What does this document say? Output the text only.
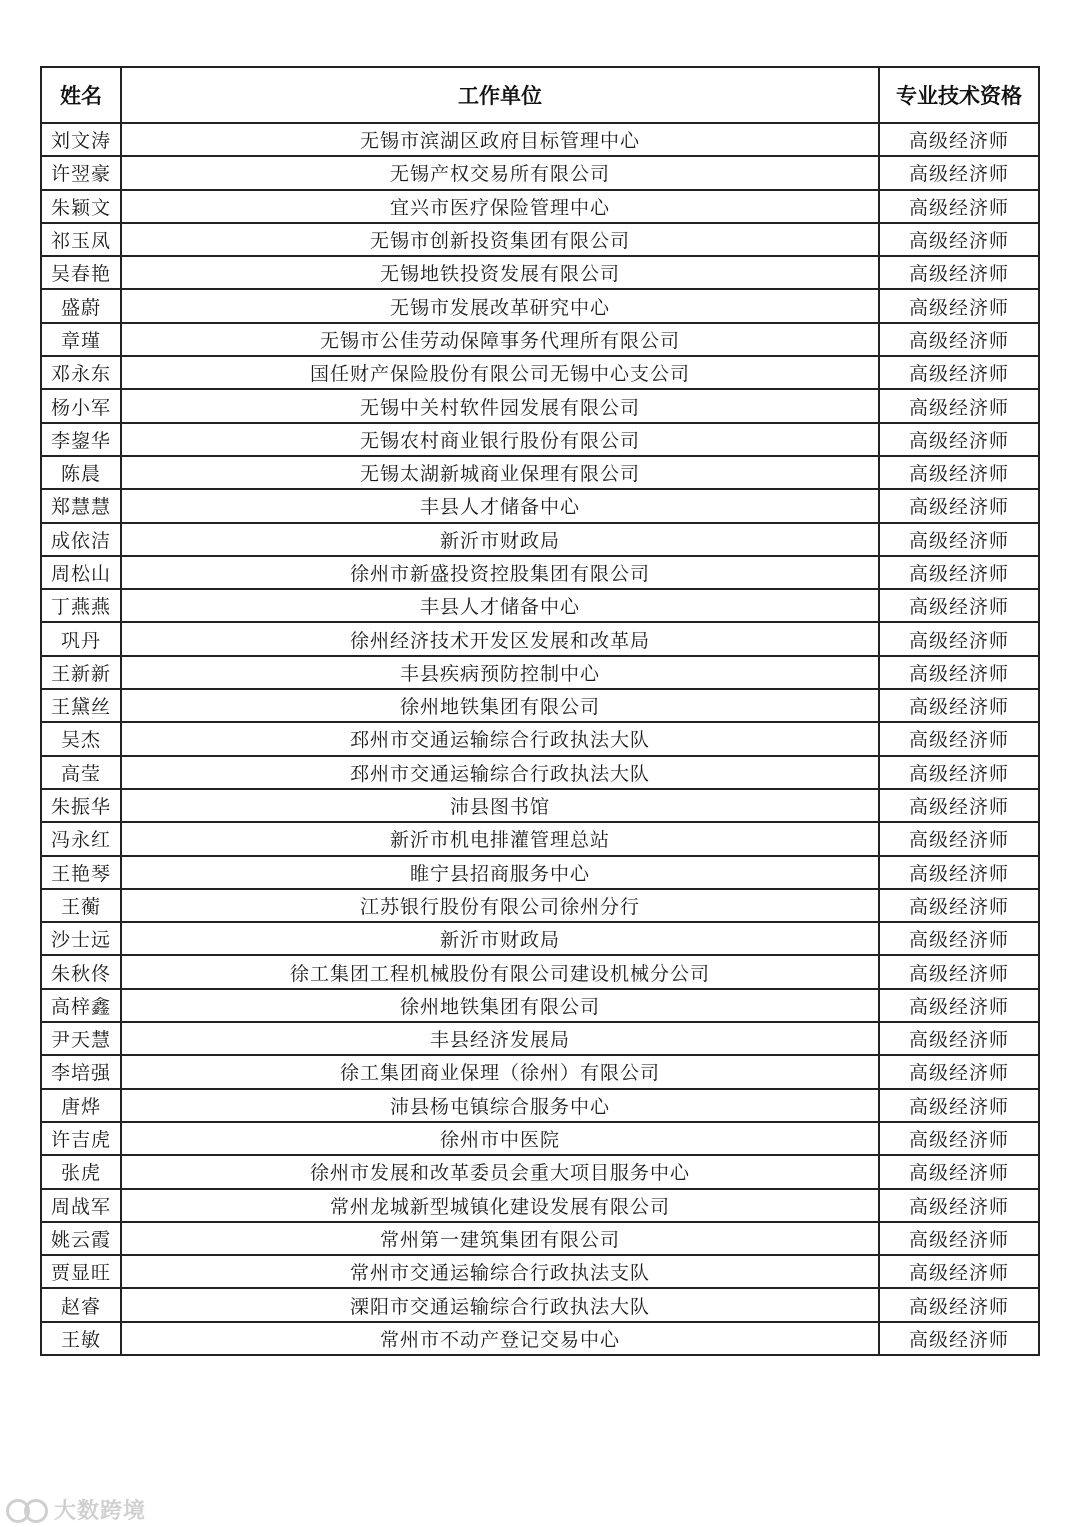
姓名	工作单位	专业技术资格
刘文涛	无锡市滨湖区政府目标管理中心	高级经济师
许翌豪	无锡产权交易所有限公司	高级经济师
朱颖文	宜兴市医疗保险管理中心	高级经济师
祁玉凤	无锡市创新投资集团有限公司	高级经济师
吴春艳	无锡地铁投资发展有限公司	高级经济师
盛蔚	无锡市发展改革研究中心	高级经济师
章瑾	无锡市公佳劳动保障事务代理所有限公司	高级经济师
邓永东	国任财产保险股份有限公司无锡中心支公司	高级经济师
杨小军	无锡中关村软件园发展有限公司	高级经济师
李鋆华	无锡农村商业银行股份有限公司	高级经济师
陈晨	无锡太湖新城商业保理有限公司	高级经济师
郑慧慧	丰县人才储备中心	高级经济师
成依洁	新沂市财政局	高级经济师
周松山	徐州市新盛投资控股集团有限公司	高级经济师
丁燕燕	丰县人才储备中心	高级经济师
巩丹	徐州经济技术开发区发展和改革局	高级经济师
王新新	丰县疾病预防控制中心	高级经济师
王黛丝	徐州地铁集团有限公司	高级经济师
吴杰	邳州市交通运输综合行政执法大队	高级经济师
高莹	邳州市交通运输综合行政执法大队	高级经济师
朱振华	沛县图书馆	高级经济师
冯永红	新沂市机电排灌管理总站	高级经济师
王艳琴	睢宁县招商服务中心	高级经济师
王蘅	江苏银行股份有限公司徐州分行	高级经济师
沙士远	新沂市财政局	高级经济师
朱秋佟	徐工集团工程机械股份有限公司建设机械分公司	高级经济师
高梓鑫	徐州地铁集团有限公司	高级经济师
尹天慧	丰县经济发展局	高级经济师
李培强	徐工集团商业保理（徐州）有限公司	高级经济师
唐烨	沛县杨屯镇综合服务中心	高级经济师
许吉虎	徐州市中医院	高级经济师
张虎	徐州市发展和改革委员会重大项目服务中心	高级经济师
周战军	常州龙城新型城镇化建设发展有限公司	高级经济师
姚云霞	常州第一建筑集团有限公司	高级经济师
贾显旺	常州市交通运输综合行政执法支队	高级经济师
赵睿	溧阳市交通运输综合行政执法大队	高级经济师
王敏	常州市不动产登记交易中心	高级经济师
大数跨境
